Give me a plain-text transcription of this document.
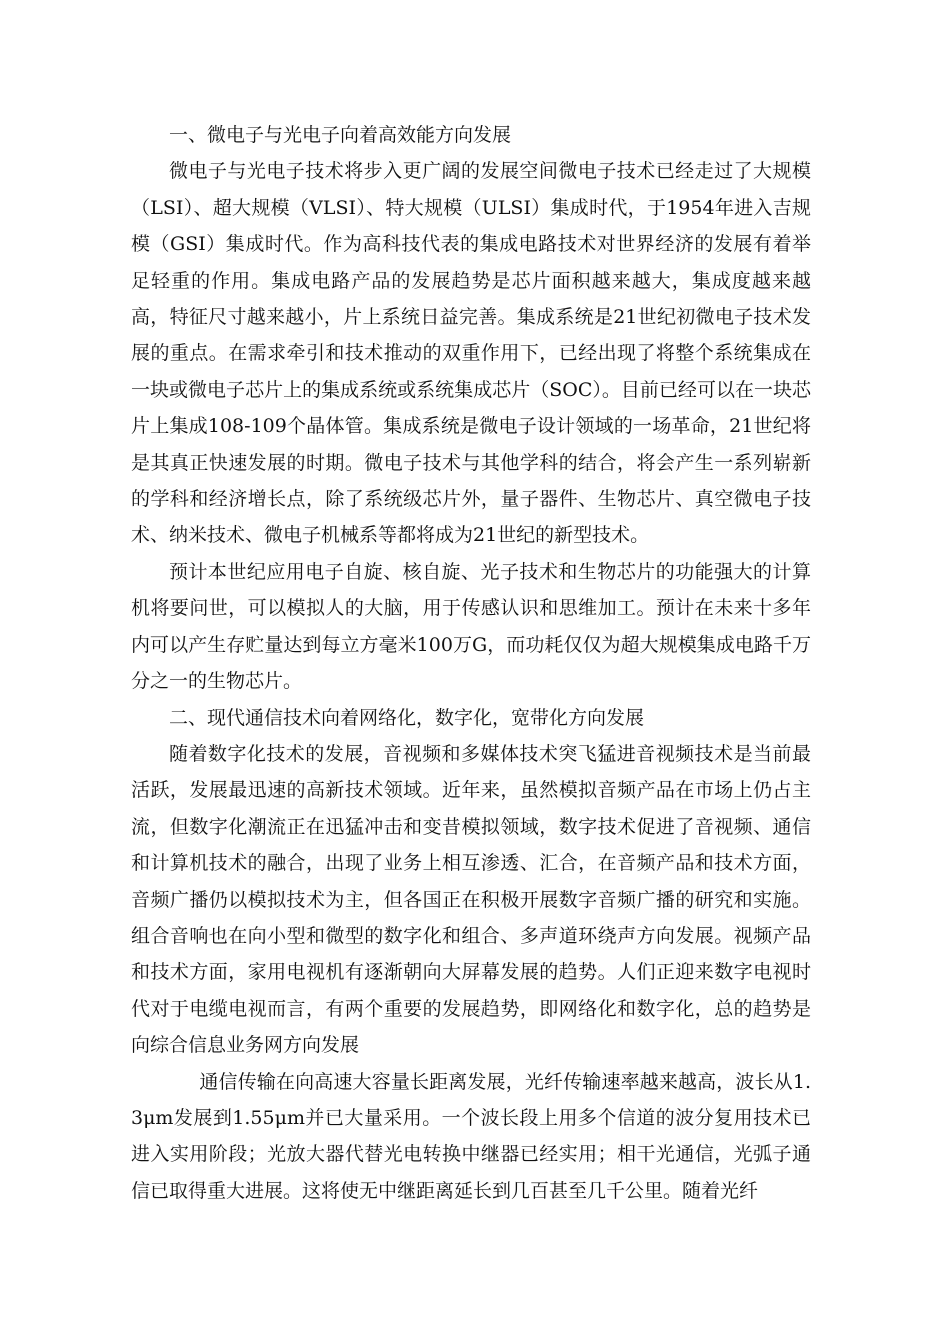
一、微电子与光电子向着高效能方向发展

微电子与光电子技术将步入更广阔的发展空间微电子技术已经走过了大规模（LSI）、超大规模（VLSI）、特大规模（ULSI）集成时代，于1954年进入吉规模（GSI）集成时代。作为高科技代表的集成电路技术对世界经济的发展有着举足轻重的作用。集成电路产品的发展趋势是芯片面积越来越大，集成度越来越高，特征尺寸越来越小，片上系统日益完善。集成系统是21世纪初微电子技术发展的重点。在需求牵引和技术推动的双重作用下，已经出现了将整个系统集成在一块或微电子芯片上的集成系统或系统集成芯片（SOC）。目前已经可以在一块芯片上集成108-109个晶体管。集成系统是微电子设计领域的一场革命，21世纪将是其真正快速发展的时期。微电子技术与其他学科的结合，将会产生一系列崭新的学科和经济增长点，除了系统级芯片外，量子器件、生物芯片、真空微电子技术、纳米技术、微电子机械系等都将成为21世纪的新型技术。

预计本世纪应用电子自旋、核自旋、光子技术和生物芯片的功能强大的计算机将要问世，可以模拟人的大脑，用于传感认识和思维加工。预计在未来十多年内可以产生存贮量达到每立方毫米100万G，而功耗仅仅为超大规模集成电路千万分之一的生物芯片。

二、现代通信技术向着网络化，数字化，宽带化方向发展

随着数字化技术的发展，音视频和多媒体技术突飞猛进音视频技术是当前最活跃，发展最迅速的高新技术领域。近年来，虽然模拟音频产品在市场上仍占主流，但数字化潮流正在迅猛冲击和变昔模拟领域，数字技术促进了音视频、通信和计算机技术的融合，出现了业务上相互渗透、汇合，在音频产品和技术方面，音频广播仍以模拟技术为主，但各国正在积极开展数字音频广播的研究和实施。组合音响也在向小型和微型的数字化和组合、多声道环绕声方向发展。视频产品和技术方面，家用电视机有逐渐朝向大屏幕发展的趋势。人们正迎来数字电视时代对于电缆电视而言，有两个重要的发展趋势，即网络化和数字化，总的趋势是向综合信息业务网方向发展

通信传输在向高速大容量长距离发展，光纤传输速率越来越高，波长从1.3μm发展到1.55μm并已大量采用。一个波长段上用多个信道的波分复用技术已进入实用阶段；光放大器代替光电转换中继器已经实用；相干光通信，光弧子通信已取得重大进展。这将使无中继距离延长到几百甚至几千公里。随着光纤
